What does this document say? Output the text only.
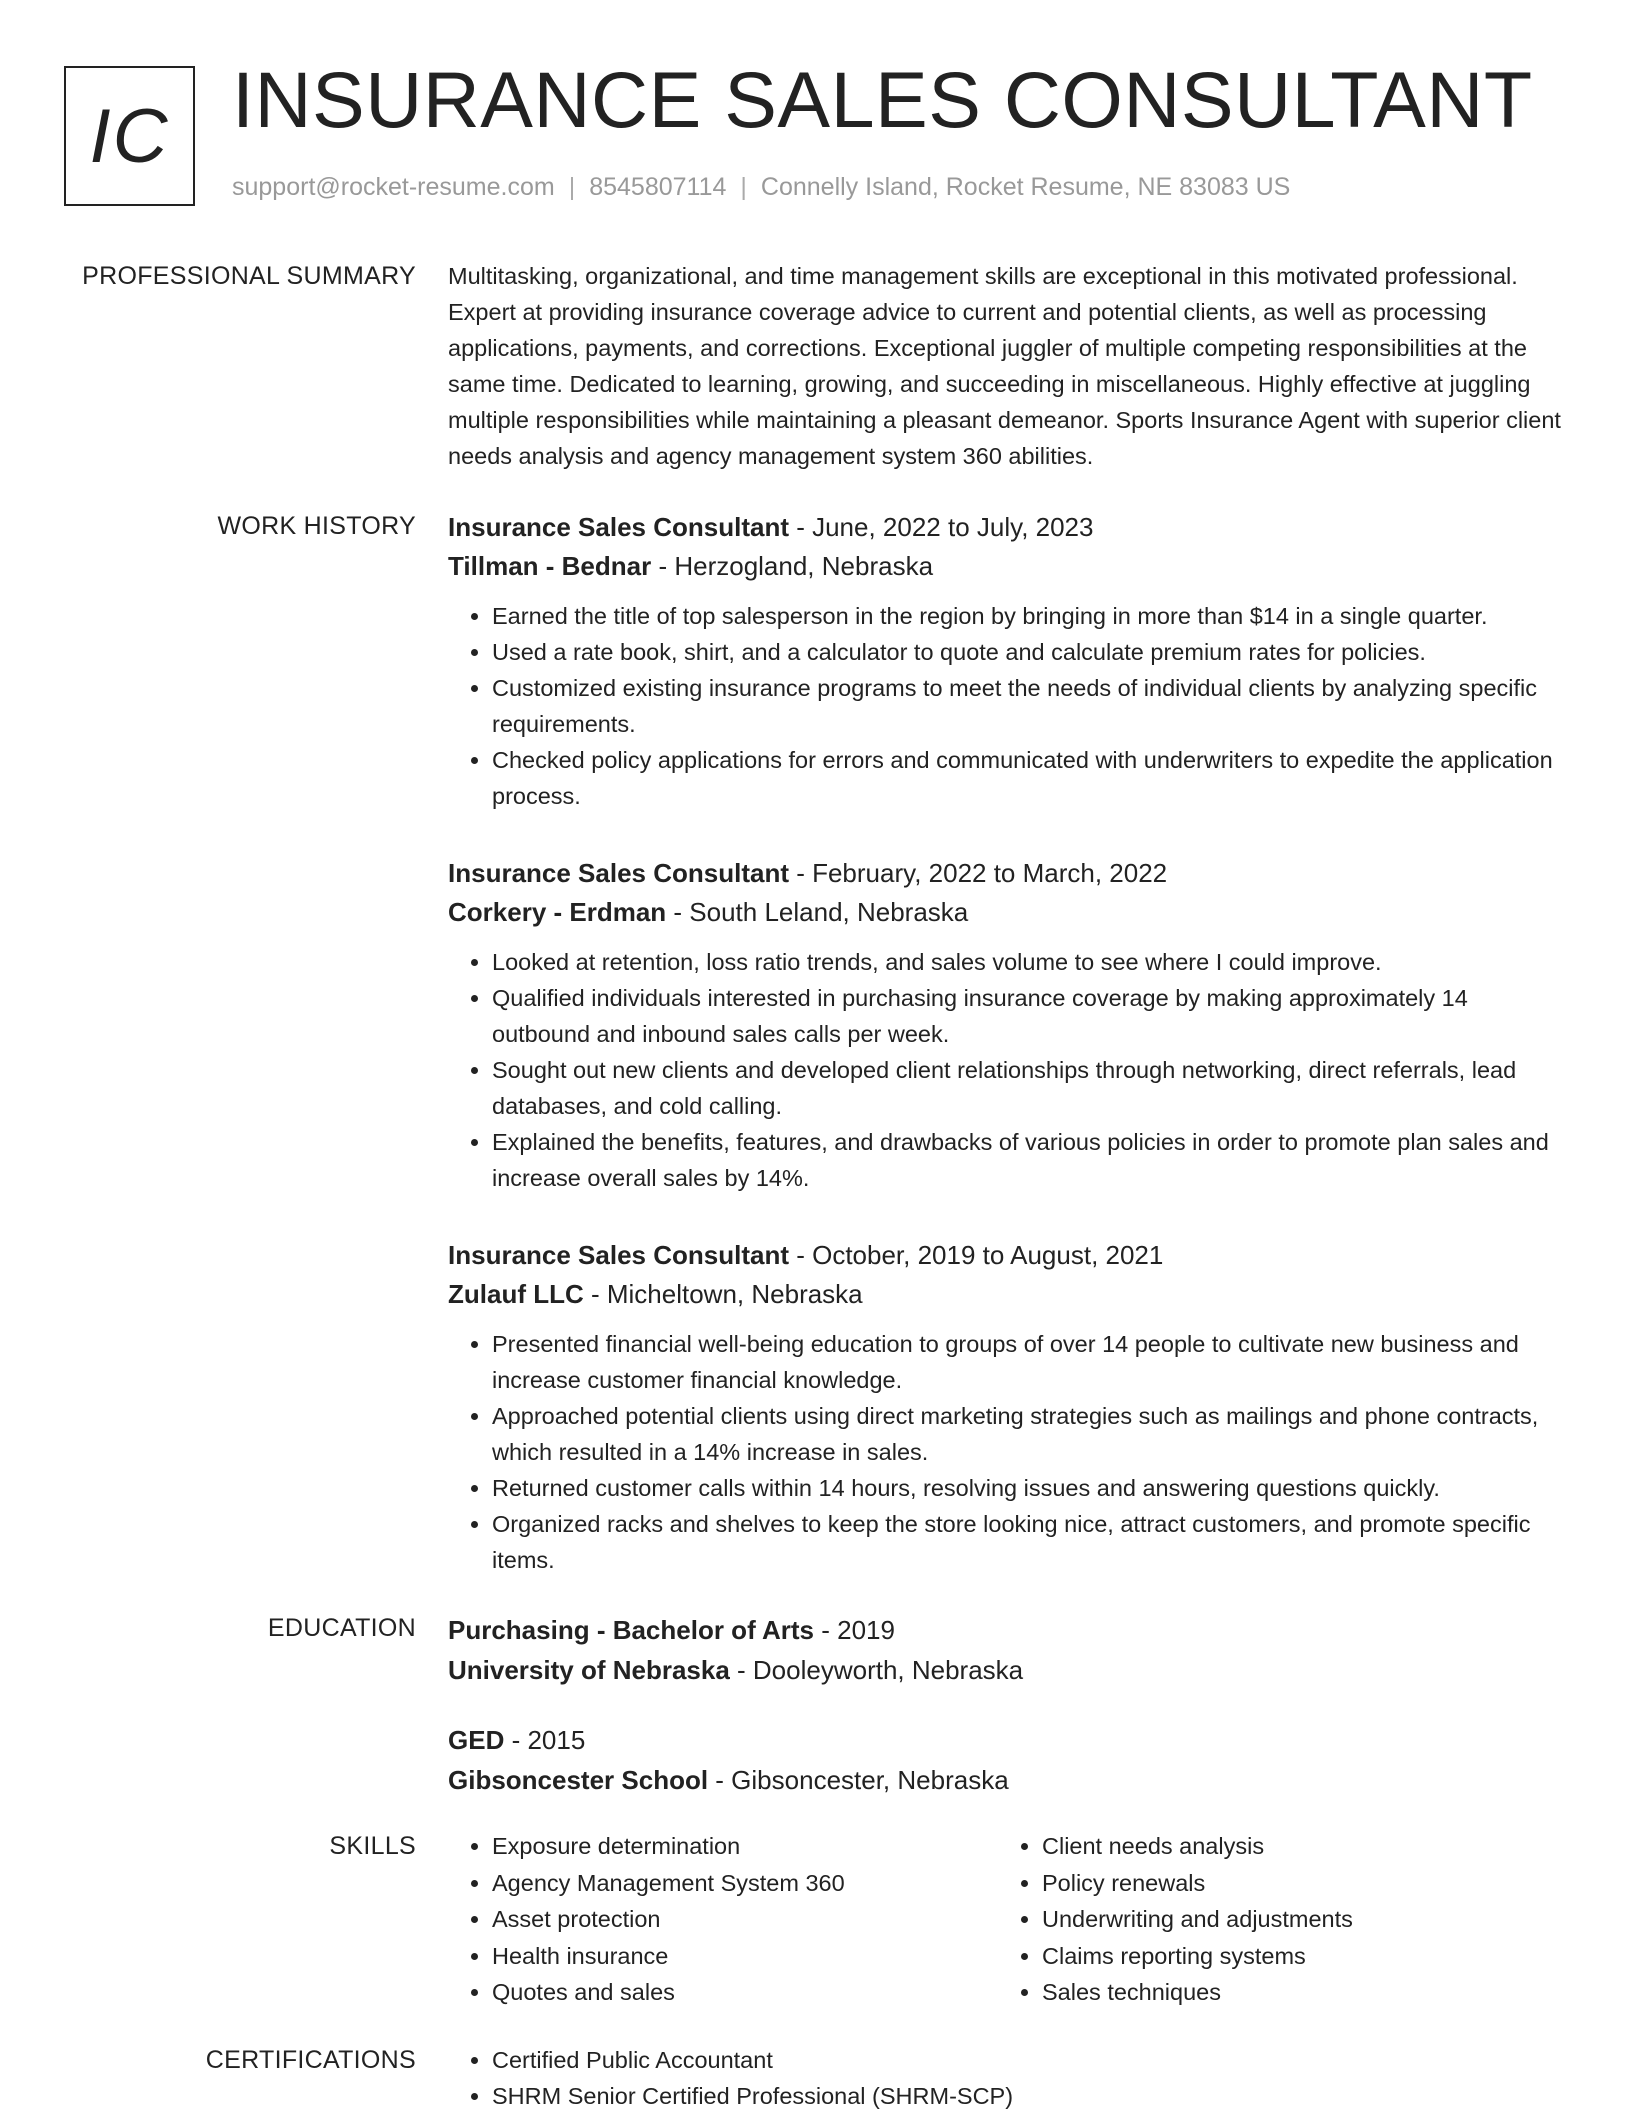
IC INSURANCE SALES CONSULTANT
support@rocket-resume.com | 8545807114 | Connelly Island, Rocket Resume, NE 83083 US
PROFESSIONAL SUMMARY Multitasking, organizational, and time management skills are exceptional in this motivated professional. Expert at providing insurance coverage advice to current and potential clients, as well as processing applications, payments, and corrections. Exceptional juggler of multiple competing responsibilities at the same time. Dedicated to learning, growing, and succeeding in miscellaneous. Highly effective at juggling multiple responsibilities while maintaining a pleasant demeanor. Sports Insurance Agent with superior client needs analysis and agency management system 360 abilities.

WORK HISTORY Insurance Sales Consultant - June, 2022 to July, 2023
Tillman - Bednar - Herzogland, Nebraska
• Earned the title of top salesperson in the region by bringing in more than $14 in a single quarter.
• Used a rate book, shirt, and a calculator to quote and calculate premium rates for policies.
• Customized existing insurance programs to meet the needs of individual clients by analyzing specific requirements.
• Checked policy applications for errors and communicated with underwriters to expedite the application process.
Insurance Sales Consultant - February, 2022 to March, 2022
Corkery - Erdman - South Leland, Nebraska
• Looked at retention, loss ratio trends, and sales volume to see where I could improve.
• Qualified individuals interested in purchasing insurance coverage by making approximately 14 outbound and inbound sales calls per week.
• Sought out new clients and developed client relationships through networking, direct referrals, lead databases, and cold calling.
• Explained the benefits, features, and drawbacks of various policies in order to promote plan sales and increase overall sales by 14%.
Insurance Sales Consultant - October, 2019 to August, 2021
Zulauf LLC - Micheltown, Nebraska
• Presented financial well-being education to groups of over 14 people to cultivate new business and increase customer financial knowledge.
• Approached potential clients using direct marketing strategies such as mailings and phone contracts, which resulted in a 14% increase in sales.
• Returned customer calls within 14 hours, resolving issues and answering questions quickly.
• Organized racks and shelves to keep the store looking nice, attract customers, and promote specific items.
EDUCATION Purchasing - Bachelor of Arts - 2019
University of Nebraska - Dooleyworth, Nebraska
GED - 2015
Gibsoncester School - Gibsoncester, Nebraska
SKILLS	• Exposure determination
• Agency Management System 360
• Asset protection
• Health insurance
• Quotes and sales
• Client needs analysis
• Policy renewals
• Underwriting and adjustments
• Claims reporting systems
• Sales techniques
CERTIFICATIONS	• Certified Public Accountant
• SHRM Senior Certified Professional (SHRM-SCP)
